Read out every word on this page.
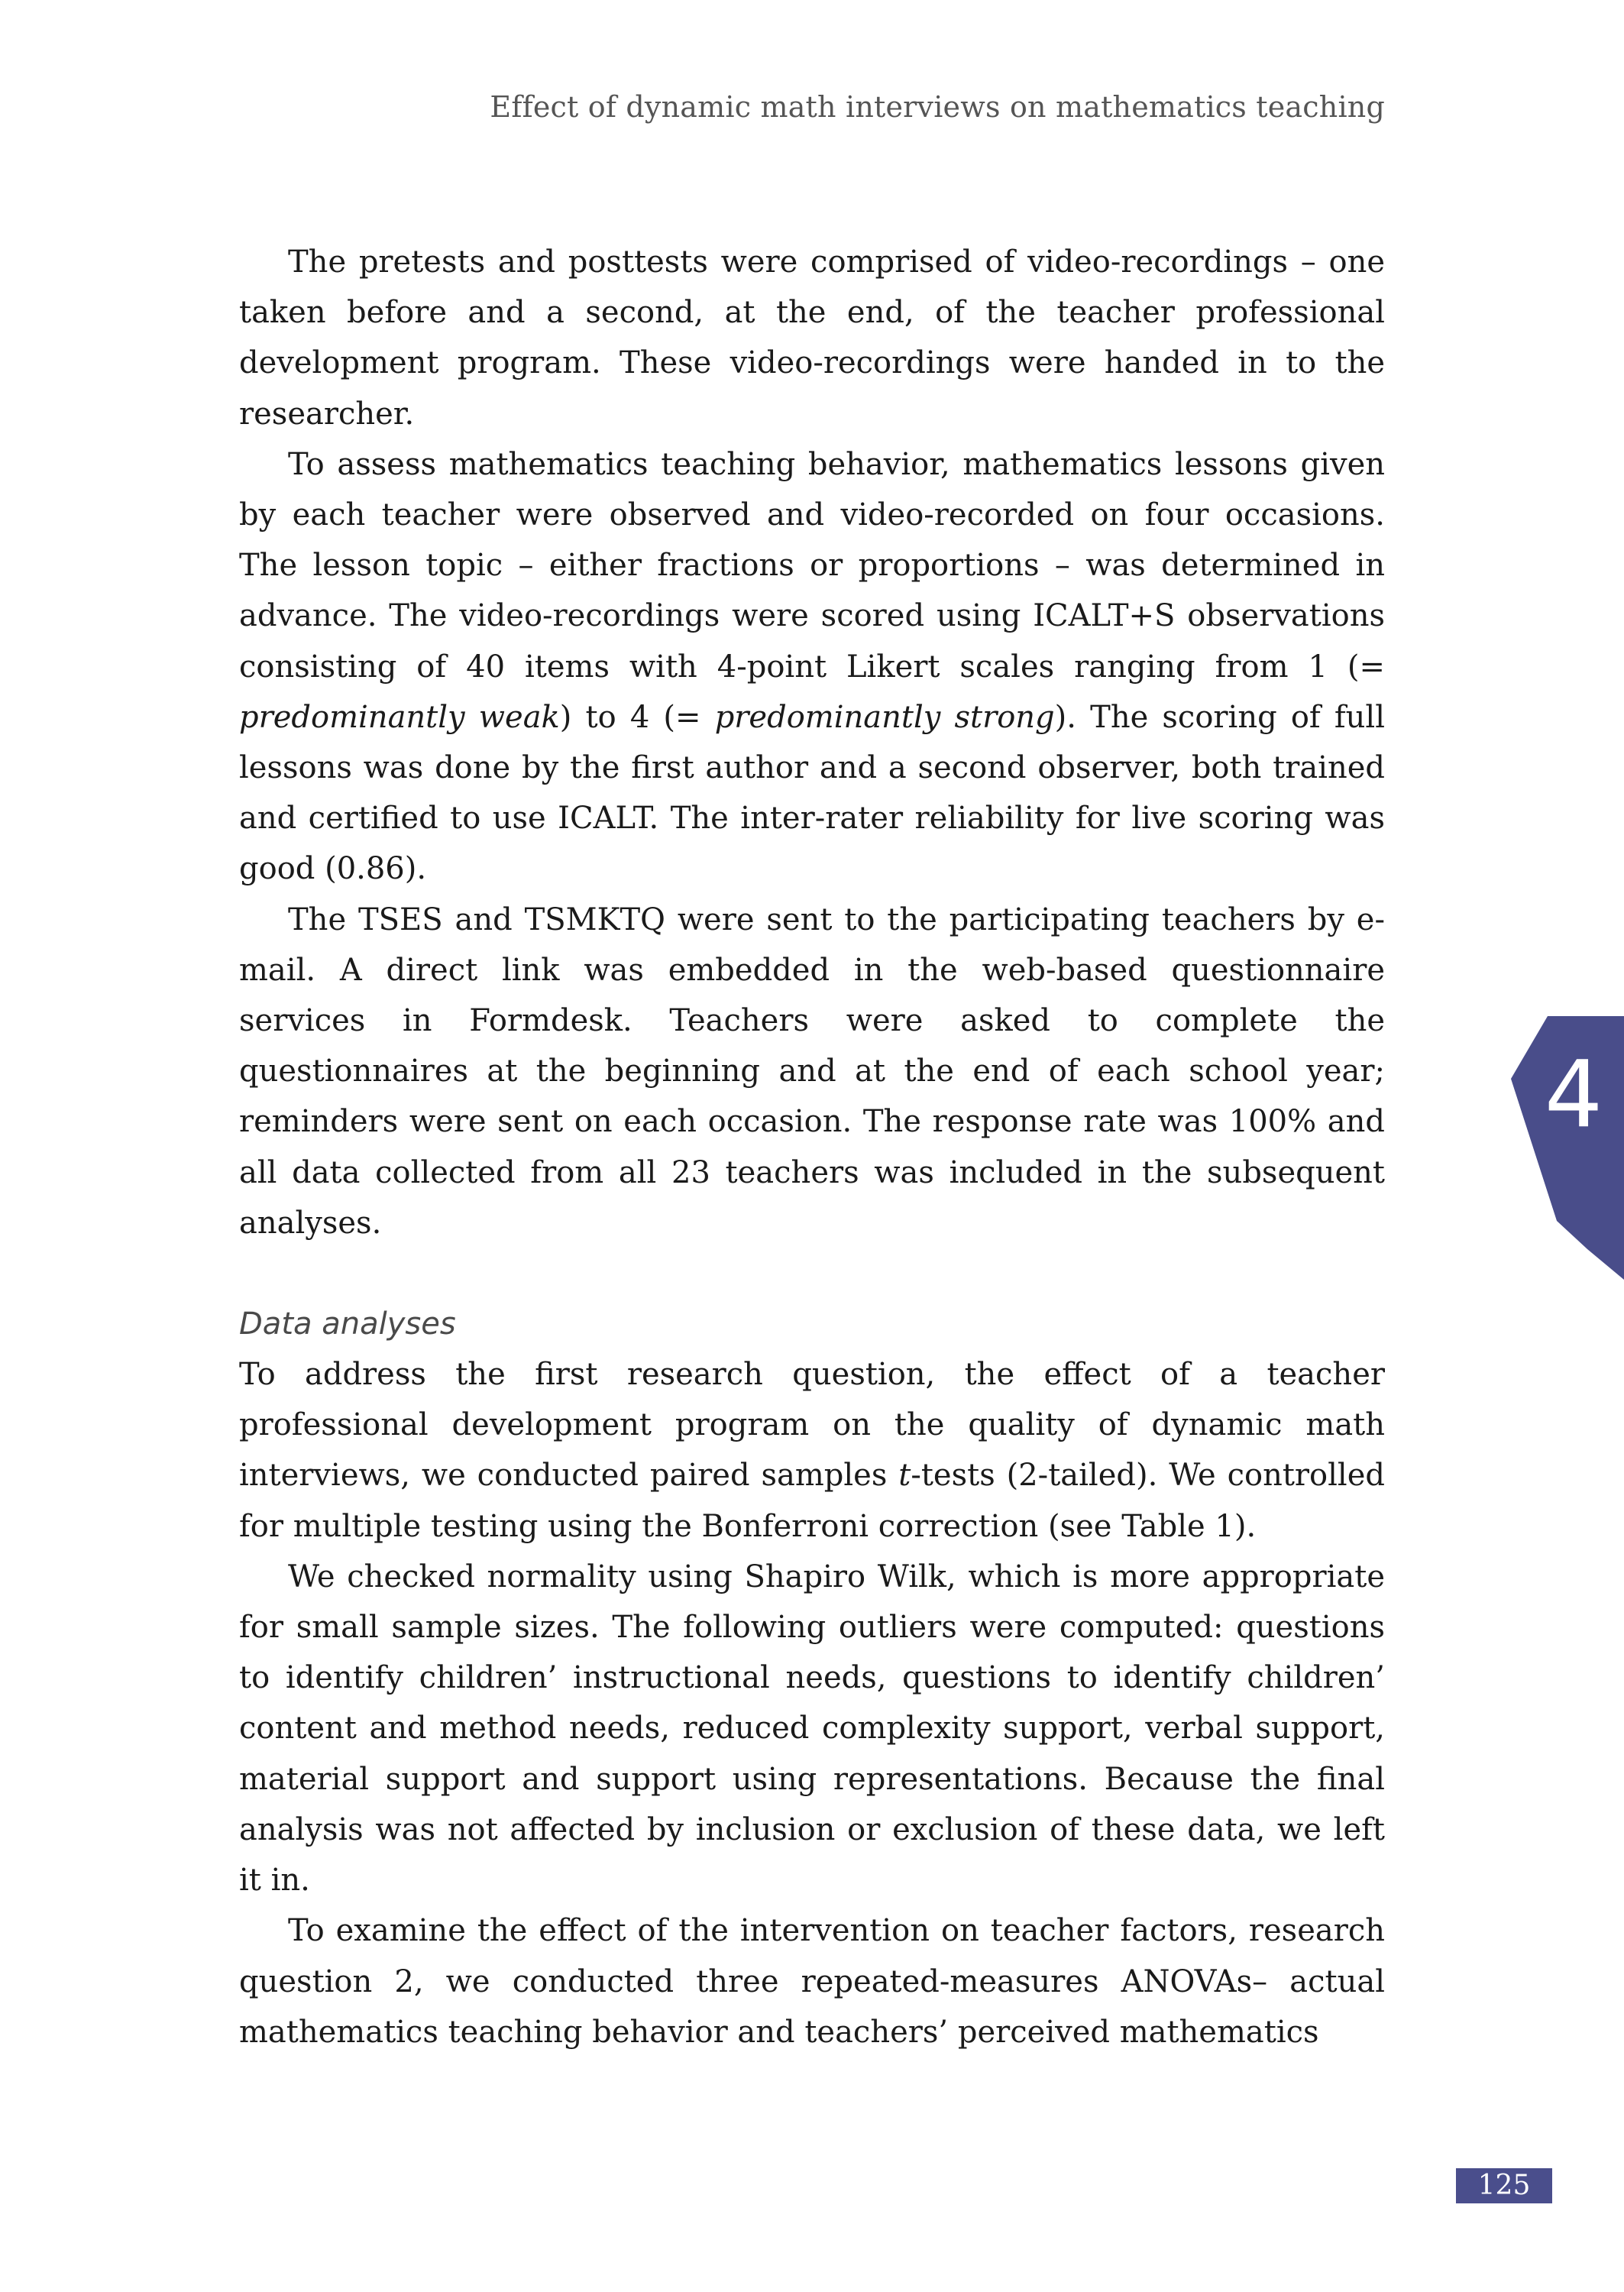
Effect of dynamic math interviews on mathematics teaching

The pretests and posttests were comprised of video-recordings – one taken before and a second, at the end, of the teacher professional development program. These video-recordings were handed in to the researcher.

To assess mathematics teaching behavior, mathematics lessons given by each teacher were observed and video-recorded on four occasions. The lesson topic – either fractions or proportions – was determined in advance. The video-recordings were scored using ICALT+S observations consisting of 40 items with 4-point Likert scales ranging from 1 (= predominantly weak) to 4 (= predominantly strong). The scoring of full lessons was done by the first author and a second observer, both trained and certified to use ICALT. The inter-rater reliability for live scoring was good (0.86).

The TSES and TSMKTQ were sent to the participating teachers by e-mail. A direct link was embedded in the web-based questionnaire services in Formdesk. Teachers were asked to complete the questionnaires at the beginning and at the end of each school year; reminders were sent on each occasion. The response rate was 100% and all data collected from all 23 teachers was included in the subsequent analyses.

Data analyses

To address the first research question, the effect of a teacher professional development program on the quality of dynamic math interviews, we conducted paired samples t-tests (2-tailed). We controlled for multiple testing using the Bonferroni correction (see Table 1).

We checked normality using Shapiro Wilk, which is more appropriate for small sample sizes. The following outliers were computed: questions to identify children’ instructional needs, questions to identify children’ content and method needs, reduced complexity support, verbal support, material support and support using representations. Because the final analysis was not affected by inclusion or exclusion of these data, we left it in.

To examine the effect of the intervention on teacher factors, research question 2, we conducted three repeated-measures ANOVAs– actual mathematics teaching behavior and teachers’ perceived mathematics

4
125
